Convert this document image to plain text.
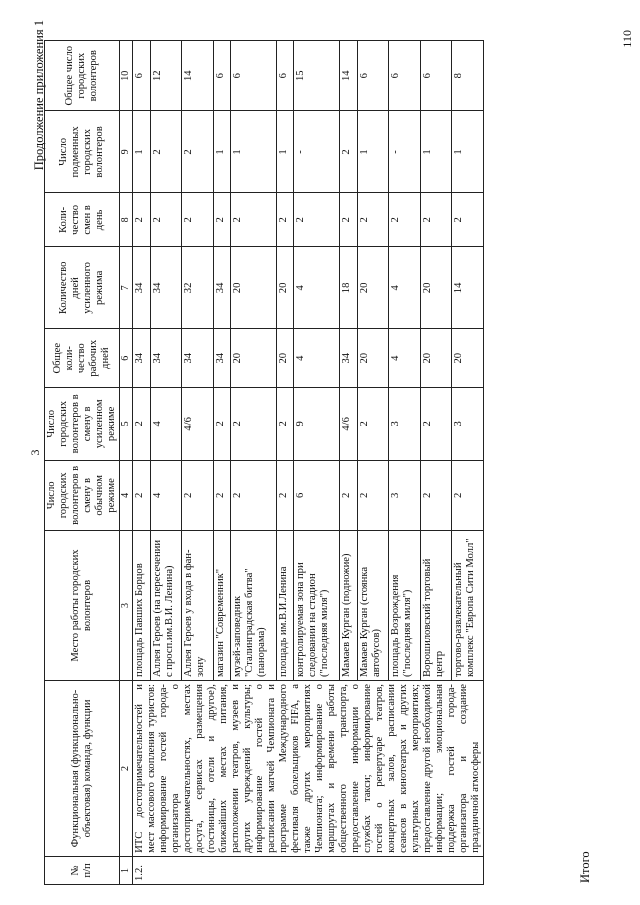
3
Продолжение приложения 1
№ п/п	Функциональная (функционально-объектовая) команда, функции	Место работы городских волонтеров	Число городских волонтеров в смену в обычном режиме	Число городских волонтеров в смену в усиленном режиме	Общее коли-чество рабочих дней	Количество дней усиленного режима	Коли-чество смен в день	Число подменных городских волонтеров	Общее число городских волонтеров
1	2	3	4	5	6	7	8	9	10
1.2.	ИТС достопримечательностей и мест массового скопления туристов: информирование гостей города-организатора о достопримечательностях, местах досуга, сервисах размещения (гостиницы, отели и другое), ближайших местах питания, расположении театров, музеев и других учреждений культуры; информирование гостей о расписании матчей Чемпионата и программе Международного фестиваля болельщиков FIFA, а также других мероприятиях Чемпионата; информирование о маршрутах и времени работы общественного транспорта, предоставление информации о службах такси; информирование гостей о репертуаре театров, концертных залов, расписании сеансов в кинотеатрах и других культурных мероприятиях; предоставление другой необходимой информации; эмоциональная поддержка гостей города-организатора и создание праздничной атмосферы	площадь Павших Борцов	2	2	34	34	2	1	6
		Аллея Героев (на пересечении с просп.им.В.И. Ленина)	4	4	34	34	2	2	12
		Аллея Героев у входа в фан-зону	2	4/6	34	32	2	2	14
		магазин "Современник"	2	2	34	34	2	1	6
		музей-заповедник "Сталинградская битва" (панорама)	2	2	20	20	2	1	6
		площадь им.В.И.Ленина	2	2	20	20	2	1	6
		контролируемая зона при следовании на стадион ("последняя миля")	6	9	4	4	2	-	15
		Мамаев Курган (подножие)	2	4/6	34	18	2	2	14
		Мамаев Курган (стоянка автобусов)	2	2	20	20	2	1	6
		площадь Возрождения ("последняя миля")	3	3	4	4	2	-	6
		Ворошиловский торговый центр	2	2	20	20	2	1	6
		торгово-развлекательный комплекс "Европа Сити Молл"	2	3	20	14	2	1	8
Итого
110
